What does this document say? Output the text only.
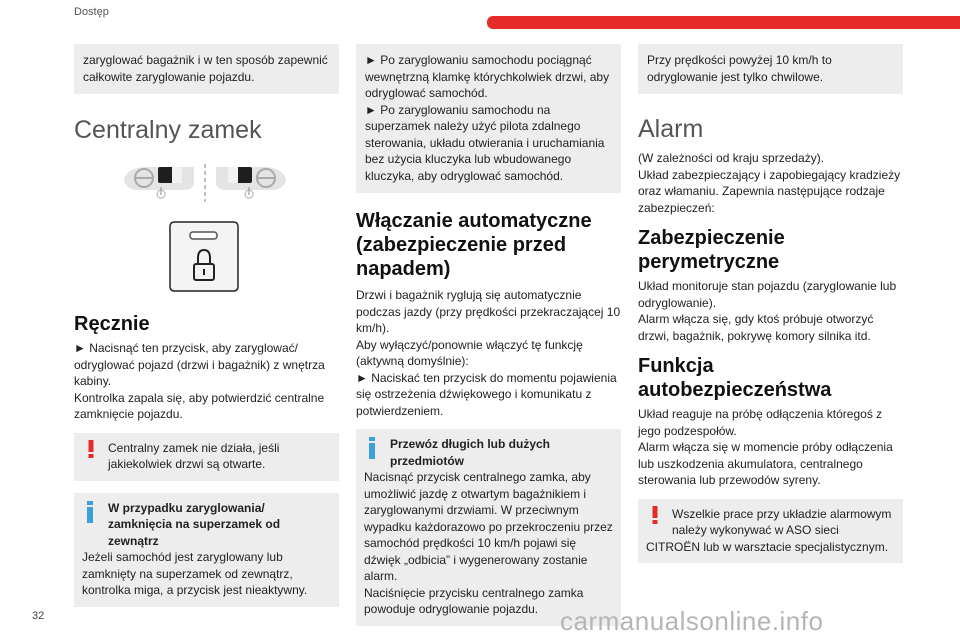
Dostęp
zaryglować bagażnik i w ten sposób zapewnić całkowite zaryglowanie pojazdu.
Centralny zamek
Ręcznie

► Nacisnąć ten przycisk, aby zaryglować/ odryglować pojazd (drzwi i bagażnik) z wnętrza kabiny.

Kontrolka zapala się, aby potwierdzić centralne zamknięcie pojazdu.

Centralny zamek nie działa, jeśli jakiekolwiek drzwi są otwarte.
W przypadku zaryglowania/ zamknięcia na superzamek od zewnątrz
Jeżeli samochód jest zaryglowany lub zamknięty na superzamek od zewnątrz, kontrolka miga, a przycisk jest nieaktywny.
► Po zaryglowaniu samochodu pociągnąć wewnętrzną klamkę którychkolwiek drzwi, aby odryglować samochód.
► Po zaryglowaniu samochodu na superzamek należy użyć pilota zdalnego sterowania, układu otwierania i uruchamiania bez użycia kluczyka lub wbudowanego kluczyka, aby odryglować samochód.
Włączanie automatyczne (zabezpieczenie przed napadem)

Drzwi i bagażnik ryglują się automatycznie podczas jazdy (przy prędkości przekraczającej 10 km/h).

Aby wyłączyć/ponownie włączyć tę funkcję (aktywną domyślnie):

► Naciskać ten przycisk do momentu pojawienia się ostrzeżenia dźwiękowego i komunikatu z potwierdzeniem.

Przewóz długich lub dużych przedmiotów
Nacisnąć przycisk centralnego zamka, aby umożliwić jazdę z otwartym bagażnikiem i zaryglowanymi drzwiami. W przeciwnym wypadku każdorazowo po przekroczeniu przez samochód prędkości 10 km/h pojawi się dźwięk „odbicia” i wygenerowany zostanie alarm.
Naciśnięcie przycisku centralnego zamka powoduje odryglowanie pojazdu.
Przy prędkości powyżej 10 km/h to odryglowanie jest tylko chwilowe.
Alarm

(W zależności od kraju sprzedaży).

Układ zabezpieczający i zapobiegający kradzieży oraz włamaniu. Zapewnia następujące rodzaje zabezpieczeń:

Zabezpieczenie perymetryczne

Układ monitoruje stan pojazdu (zaryglowanie lub odryglowanie).

Alarm włącza się, gdy ktoś próbuje otworzyć drzwi, bagażnik, pokrywę komory silnika itd.

Funkcja autobezpieczeństwa

Układ reaguje na próbę odłączenia któregoś z jego podzespołów.

Alarm włącza się w momencie próby odłączenia lub uszkodzenia akumulatora, centralnego sterowania lub przewodów syreny.

Wszelkie prace przy układzie alarmowym należy wykonywać w ASO sieci
CITROËN lub w warsztacie specjalistycznym.
32	carmanualsonline.info
